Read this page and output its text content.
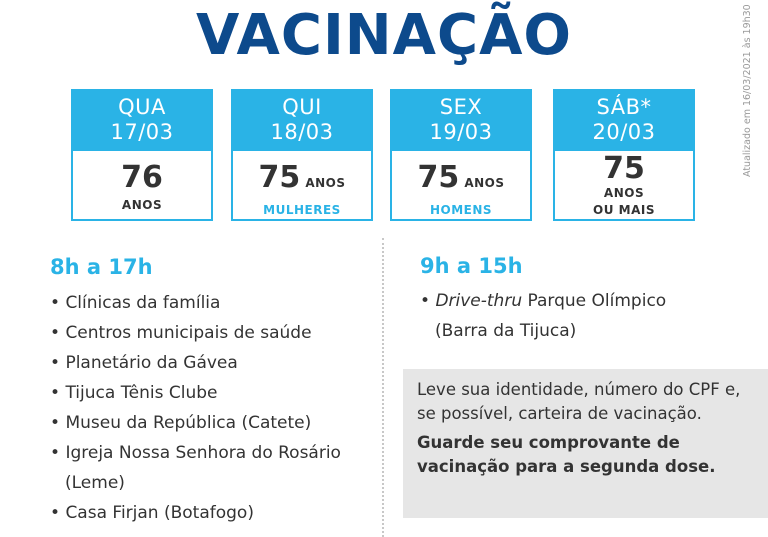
VACINAÇÃO	Atualizado em 16/03/2021 às 19h30
QUA
17/03
76
ANOS
QUI
18/03
75 ANOS
MULHERES
SEX
19/03
75 ANOS
HOMENS
SÁB*
20/03
75
ANOS
OU MAIS
8h a 17h
• Clínicas da família
• Centros municipais de saúde
• Planetário da Gávea
• Tijuca Tênis Clube
• Museu da República (Catete)
• Igreja Nossa Senhora do Rosário (Leme)
• Casa Firjan (Botafogo)
9h a 15h
• Drive-thru Parque Olímpico (Barra da Tijuca)

Leve sua identidade, número do CPF e, se possível, carteira de vacinação.

Guarde seu comprovante de vacinação para a segunda dose.
